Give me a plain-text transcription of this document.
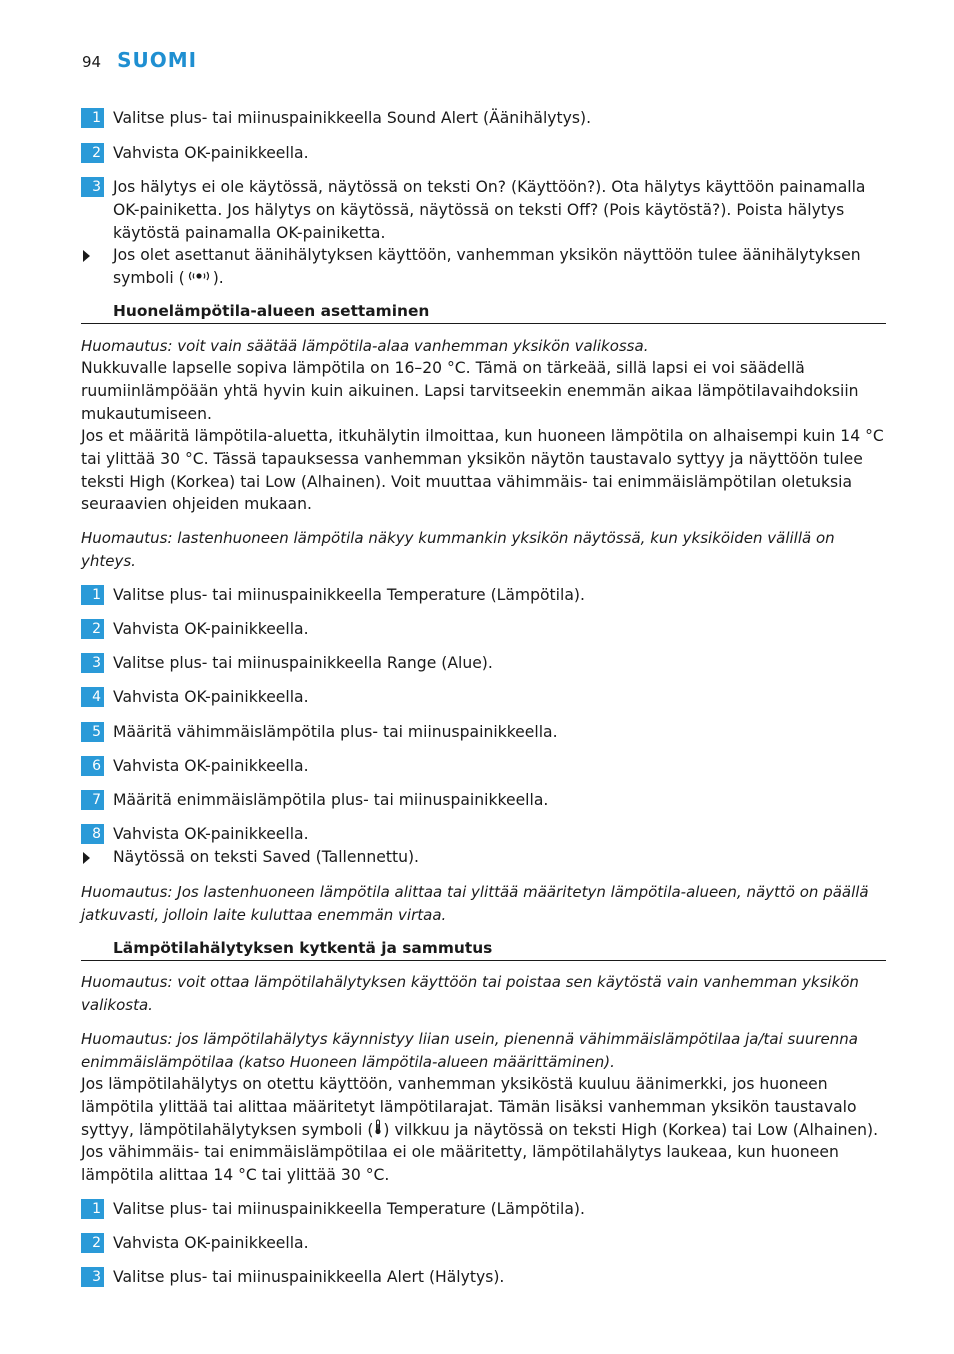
94 SUOMI
1 Valitse plus- tai miinuspainikkeella Sound Alert (Äänihälytys).
2 Vahvista OK-painikkeella.
3 Jos hälytys ei ole käytössä, näytössä on teksti On? (Käyttöön?). Ota hälytys käyttöön painamalla OK-painiketta. Jos hälytys on käytössä, näytössä on teksti Off? (Pois käytöstä?). Poista hälytys käytöstä painamalla OK-painiketta.
Jos olet asettanut äänihälytyksen käyttöön, vanhemman yksikön näyttöön tulee äänihälytyksen symboli ( ).
Huonelämpötila-alueen asettaminen
Huomautus: voit vain säätää lämpötila-alaa vanhemman yksikön valikossa.
Nukkuvalle lapselle sopiva lämpötila on 16–20 °C. Tämä on tärkeää, sillä lapsi ei voi säädellä ruumiinlämpöään yhtä hyvin kuin aikuinen. Lapsi tarvitseekin enemmän aikaa lämpötilavaihdoksiin mukautumiseen.
Jos et määritä lämpötila-aluetta, itkuhälytin ilmoittaa, kun huoneen lämpötila on alhaisempi kuin 14 °C tai ylittää 30 °C. Tässä tapauksessa vanhemman yksikön näytön taustavalo syttyy ja näyttöön tulee teksti High (Korkea) tai Low (Alhainen). Voit muuttaa vähimmäis- tai enimmäislämpötilan oletuksia seuraavien ohjeiden mukaan.
Huomautus: lastenhuoneen lämpötila näkyy kummankin yksikön näytössä, kun yksiköiden välillä on yhteys.
1 Valitse plus- tai miinuspainikkeella Temperature (Lämpötila).
2 Vahvista OK-painikkeella.
3 Valitse plus- tai miinuspainikkeella Range (Alue).
4 Vahvista OK-painikkeella.
5 Määritä vähimmäislämpötila plus- tai miinuspainikkeella.
6 Vahvista OK-painikkeella.
7 Määritä enimmäislämpötila plus- tai miinuspainikkeella.
8 Vahvista OK-painikkeella.
Näytössä on teksti Saved (Tallennettu).
Huomautus: Jos lastenhuoneen lämpötila alittaa tai ylittää määritetyn lämpötila-alueen, näyttö on päällä jatkuvasti, jolloin laite kuluttaa enemmän virtaa.
Lämpötilahälytyksen kytkentä ja sammutus
Huomautus: voit ottaa lämpötilahälytyksen käyttöön tai poistaa sen käytöstä vain vanhemman yksikön valikosta.
Huomautus: jos lämpötilahälytys käynnistyy liian usein, pienennä vähimmäislämpötilaa ja/tai suurenna enimmäislämpötilaa (katso Huoneen lämpötila-alueen määrittäminen).
Jos lämpötilahälytys on otettu käyttöön, vanhemman yksiköstä kuuluu äänimerkki, jos huoneen lämpötila ylittää tai alittaa määritetyt lämpötilarajat. Tämän lisäksi vanhemman yksikön taustavalo syttyy, lämpötilahälytyksen symboli ( ) vilkkuu ja näytössä on teksti High (Korkea) tai Low (Alhainen). Jos vähimmäis- tai enimmäislämpötilaa ei ole määritetty, lämpötilahälytys laukeaa, kun huoneen lämpötila alittaa 14 °C tai ylittää 30 °C.
1 Valitse plus- tai miinuspainikkeella Temperature (Lämpötila).
2 Vahvista OK-painikkeella.
3 Valitse plus- tai miinuspainikkeella Alert (Hälytys).
